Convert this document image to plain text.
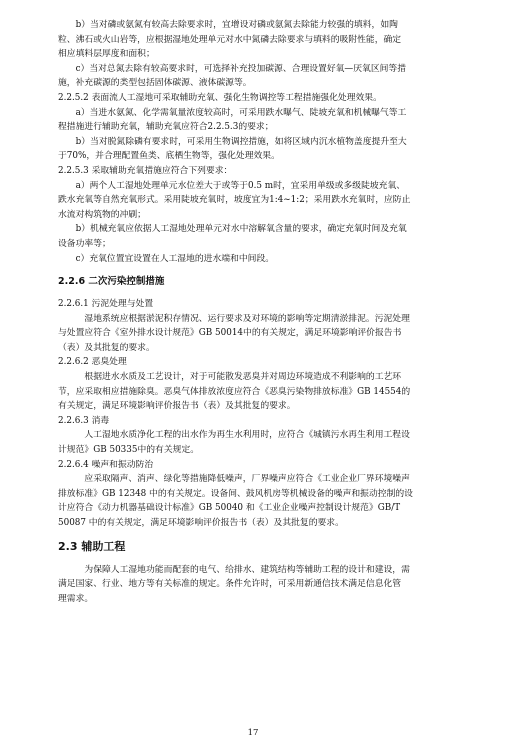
b）当对磷或氨氮有较高去除要求时，宜增设对磷或氨氮去除能力较强的填料，如陶

粒、沸石或火山岩等，应根据湿地处理单元对水中氮磷去除要求与填料的吸附性能，确定

相应填料层厚度和面积；

c）当对总氮去除有较高要求时，可选择补充投加碳源、合理设置好氧—厌氧区间等措

施，补充碳源的类型包括固体碳源、液体碳源等。

2.2.5.2 表面流人工湿地可采取辅助充氧、强化生物调控等工程措施强化处理效果。

a）当进水氨氮、化学需氧量浓度较高时，可采用跌水曝气、陡坡充氧和机械曝气等工

程措施进行辅助充氧，辅助充氧应符合2.2.5.3的要求；

b）当对脱氮除磷有要求时，可采用生物调控措施，如将区域内沉水植物盖度提升至大

于70%，并合理配置鱼类、底栖生物等，强化处理效果。

2.2.5.3 采取辅助充氧措施应符合下列要求：

a）两个人工湿地处理单元水位差大于或等于0.5 m时，宜采用单级或多级陡坡充氧、

跌水充氧等自然充氧形式。采用陡坡充氧时，坡度宜为1:4~1:2；采用跌水充氧时，应防止

水流对构筑物的冲刷；

b）机械充氧应依据人工湿地处理单元对水中溶解氧含量的要求，确定充氧时间及充氧

设备功率等；

c）充氧位置宜设置在人工湿地的进水端和中间段。

2.2.6 二次污染控制措施

2.2.6.1 污泥处理与处置

湿地系统应根据淤泥积存情况、运行要求及对环境的影响等定期清淤排泥。污泥处理

与处置应符合《室外排水设计规范》GB 50014中的有关规定，满足环境影响评价报告书

（表）及其批复的要求。

2.2.6.2 恶臭处理

根据进水水质及工艺设计，对于可能散发恶臭并对周边环境造成不利影响的工艺环

节，应采取相应措施除臭。恶臭气体排放浓度应符合《恶臭污染物排放标准》GB 14554的

有关规定，满足环境影响评价报告书（表）及其批复的要求。

2.2.6.3 消毒

人工湿地水质净化工程的出水作为再生水利用时，应符合《城镇污水再生利用工程设

计规范》GB 50335中的有关规定。

2.2.6.4 噪声和振动防治

应采取隔声、消声、绿化等措施降低噪声，厂界噪声应符合《工业企业厂界环境噪声

排放标准》GB 12348 中的有关规定。设备间、鼓风机房等机械设备的噪声和振动控制的设

计应符合《动力机器基础设计标准》GB 50040 和《工业企业噪声控制设计规范》GB/T

50087 中的有关规定，满足环境影响评价报告书（表）及其批复的要求。

2.3 辅助工程

为保障人工湿地功能而配套的电气、给排水、建筑结构等辅助工程的设计和建设，需

满足国家、行业、地方等有关标准的规定。条件允许时，可采用新通信技术满足信息化管

理需求。

17
